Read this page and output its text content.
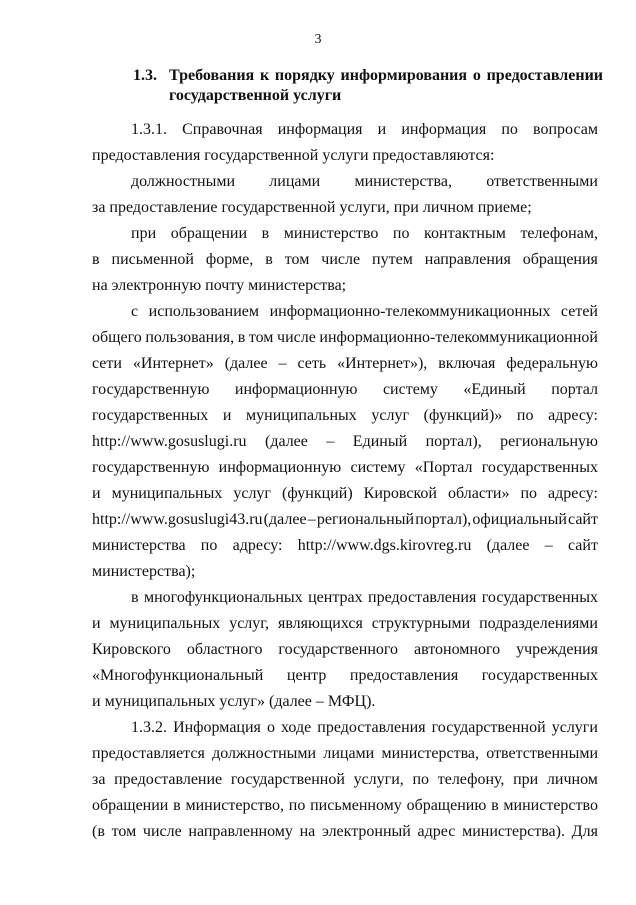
3
1.3. Требования к порядку информирования о предоставлении
государственной услуги
1.3.1. Справочная информация и информация по вопросам
предоставления государственной услуги предоставляются:
должностными лицами министерства, ответственными
за предоставление государственной услуги, при личном приеме;
при обращении в министерство по контактным телефонам,
в письменной форме, в том числе путем направления обращения
на электронную почту министерства;
с использованием информационно-телекоммуникационных сетей
общего пользования, в том числе информационно-телекоммуникационной
сети «Интернет» (далее – сеть «Интернет»), включая федеральную
государственную информационную систему «Единый портал
государственных и муниципальных услуг (функций)» по адресу:
http://www.gosuslugi.ru (далее – Единый портал), региональную
государственную информационную систему «Портал государственных
и муниципальных услуг (функций) Кировской области» по адресу:
http://www.gosuslugi43.ru (далее – региональный портал), официальный сайт
министерства по адресу: http://www.dgs.kirovreg.ru (далее – сайт
министерства);
в многофункциональных центрах предоставления государственных
и муниципальных услуг, являющихся структурными подразделениями
Кировского областного государственного автономного учреждения
«Многофункциональный центр предоставления государственных
и муниципальных услуг» (далее – МФЦ).
1.3.2. Информация о ходе предоставления государственной услуги
предоставляется должностными лицами министерства, ответственными
за предоставление государственной услуги, по телефону, при личном
обращении в министерство, по письменному обращению в министерство
(в том числе направленному на электронный адрес министерства). Для
